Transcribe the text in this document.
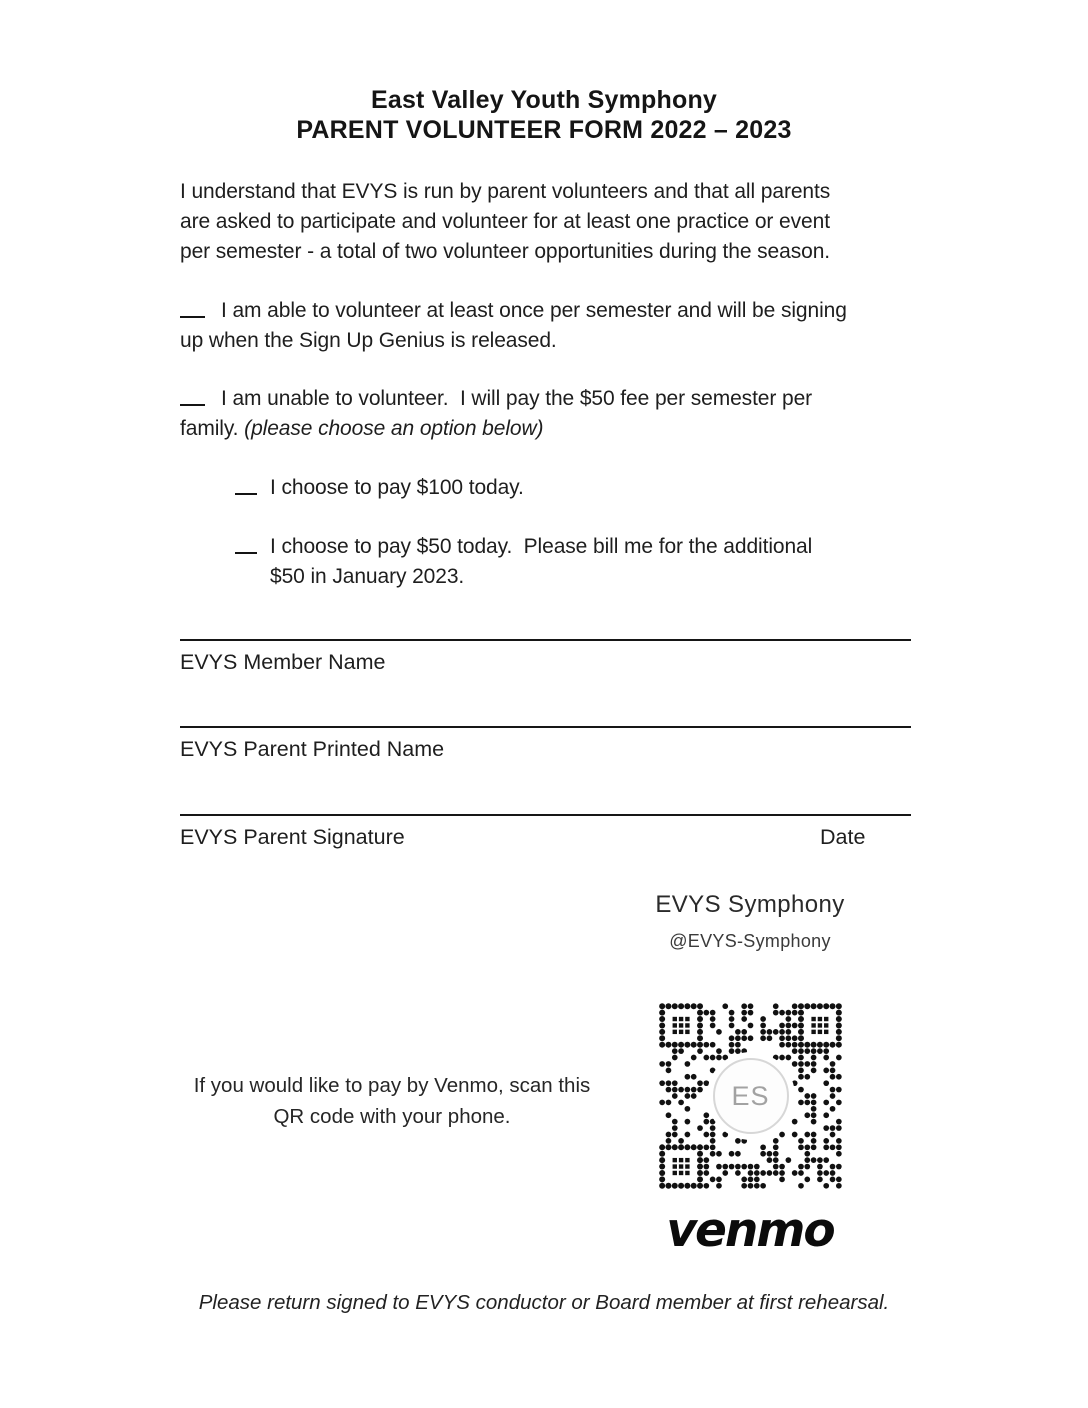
East Valley Youth Symphony
PARENT VOLUNTEER FORM 2022 – 2023
I understand that EVYS is run by parent volunteers and that all parents
are asked to participate and volunteer for at least one practice or event
per semester - a total of two volunteer opportunities during the season.
I am able to volunteer at least once per semester and will be signing
up when the Sign Up Genius is released.
I am unable to volunteer.  I will pay the $50 fee per semester per
family. (please choose an option below)
I choose to pay $100 today.
I choose to pay $50 today.  Please bill me for the additional
$50 in January 2023.
EVYS Member Name
EVYS Parent Printed Name
EVYS Parent Signature	Date
EVYS Symphony
@EVYS-Symphony
ES
venmo
If you would like to pay by Venmo, scan this
QR code with your phone.
Please return signed to EVYS conductor or Board member at first rehearsal.
